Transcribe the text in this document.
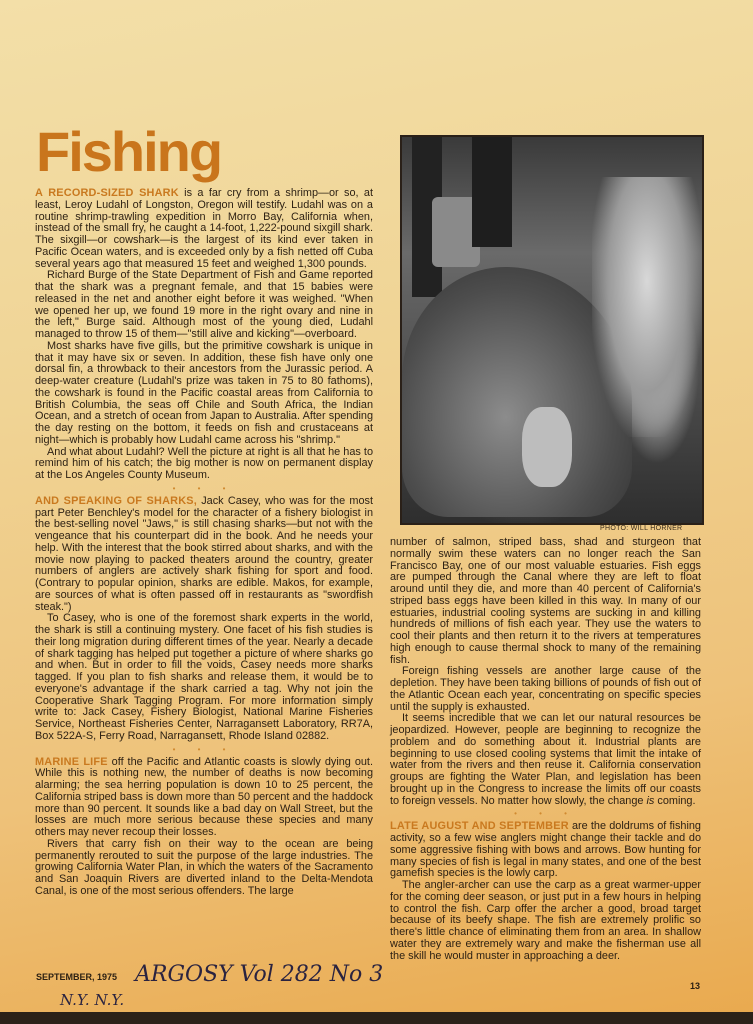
Fishing

A RECORD-SIZED SHARK is a far cry from a shrimp—or so, at least, Leroy Ludahl of Longston, Oregon will testify. Ludahl was on a routine shrimp-trawling expedition in Morro Bay, California when, instead of the small fry, he caught a 14-foot, 1,222-pound sixgill shark. The sixgill—or cowshark—is the largest of its kind ever taken in Pacific Ocean waters, and is exceeded only by a fish netted off Cuba several years ago that measured 15 feet and weighed 1,300 pounds.

Richard Burge of the State Department of Fish and Game reported that the shark was a pregnant female, and that 15 babies were released in the net and another eight before it was weighed. "When we opened her up, we found 19 more in the right ovary and nine in the left," Burge said. Although most of the young died, Ludahl managed to throw 15 of them—"still alive and kicking"—overboard.

Most sharks have five gills, but the primitive cowshark is unique in that it may have six or seven. In addition, these fish have only one dorsal fin, a throwback to their ancestors from the Jurassic period. A deep-water creature (Ludahl's prize was taken in 75 to 80 fathoms), the cowshark is found in the Pacific coastal areas from California to British Columbia, the seas off Chile and South Africa, the Indian Ocean, and a stretch of ocean from Japan to Australia. After spending the day resting on the bottom, it feeds on fish and crustaceans at night—which is probably how Ludahl came across his "shrimp."

And what about Ludahl? Well the picture at right is all that he has to remind him of his catch; the big mother is now on permanent display at the Los Angeles County Museum.

• • •

AND SPEAKING OF SHARKS, Jack Casey, who was for the most part Peter Benchley's model for the character of a fishery biologist in the best-selling novel "Jaws," is still chasing sharks—but not with the vengeance that his counterpart did in the book. And he needs your help. With the interest that the book stirred about sharks, and with the movie now playing to packed theaters around the country, greater numbers of anglers are actively shark fishing for sport and food. (Contrary to popular opinion, sharks are edible. Makos, for example, are sources of what is often passed off in restaurants as "swordfish steak.")

To Casey, who is one of the foremost shark experts in the world, the shark is still a continuing mystery. One facet of his fish studies is their long migration during different times of the year. Nearly a decade of shark tagging has helped put together a picture of where sharks go and when. But in order to fill the voids, Casey needs more sharks tagged. If you plan to fish sharks and release them, it would be to everyone's advantage if the shark carried a tag. Why not join the Cooperative Shark Tagging Program. For more information simply write to: Jack Casey, Fishery Biologist, National Marine Fisheries Service, Northeast Fisheries Center, Narragansett Laboratory, RR7A, Box 522A-S, Ferry Road, Narragansett, Rhode Island 02882.

• • •

MARINE LIFE off the Pacific and Atlantic coasts is slowly dying out. While this is nothing new, the number of deaths is now becoming alarming; the sea herring population is down 10 to 25 percent, the California striped bass is down more than 50 percent and the haddock more than 90 percent. It sounds like a bad day on Wall Street, but the losses are much more serious because these species and many others may never recoup their losses.

Rivers that carry fish on their way to the ocean are being permanently rerouted to suit the purpose of the large industries. The growing California Water Plan, in which the waters of the Sacramento and San Joaquin Rivers are diverted inland to the Delta-Mendota Canal, is one of the most serious offenders. The large

PHOTO: WILL HORNER

number of salmon, striped bass, shad and sturgeon that normally swim these waters can no longer reach the San Francisco Bay, one of our most valuable estuaries. Fish eggs are pumped through the Canal where they are left to float around until they die, and more than 40 percent of California's striped bass eggs have been killed in this way. In many of our estuaries, industrial cooling systems are sucking in and killing hundreds of millions of fish each year. They use the waters to cool their plants and then return it to the rivers at temperatures high enough to cause thermal shock to many of the remaining fish.

Foreign fishing vessels are another large cause of the depletion. They have been taking billions of pounds of fish out of the Atlantic Ocean each year, concentrating on specific species until the supply is exhausted.

It seems incredible that we can let our natural resources be jeopardized. However, people are beginning to recognize the problem and do something about it. Industrial plants are beginning to use closed cooling systems that limit the intake of water from the rivers and then reuse it. California conservation groups are fighting the Water Plan, and legislation has been brought up in the Congress to increase the limits off our coasts to foreign vessels. No matter how slowly, the change is coming.

• • •

LATE AUGUST AND SEPTEMBER are the doldrums of fishing activity, so a few wise anglers might change their tackle and do some aggressive fishing with bows and arrows. Bow hunting for many species of fish is legal in many states, and one of the best gamefish species is the lowly carp.

The angler-archer can use the carp as a great warmer-upper for the coming deer season, or just put in a few hours in helping to control the fish. Carp offer the archer a good, broad target because of its beefy shape. The fish are extremely prolific so there's little chance of eliminating them from an area. In shallow water they are extremely wary and make the fisherman use all the skill he would muster in approaching a deer.

SEPTEMBER, 1975 ARGOSY Vol 282 No 3
N.Y. N.Y.
13
